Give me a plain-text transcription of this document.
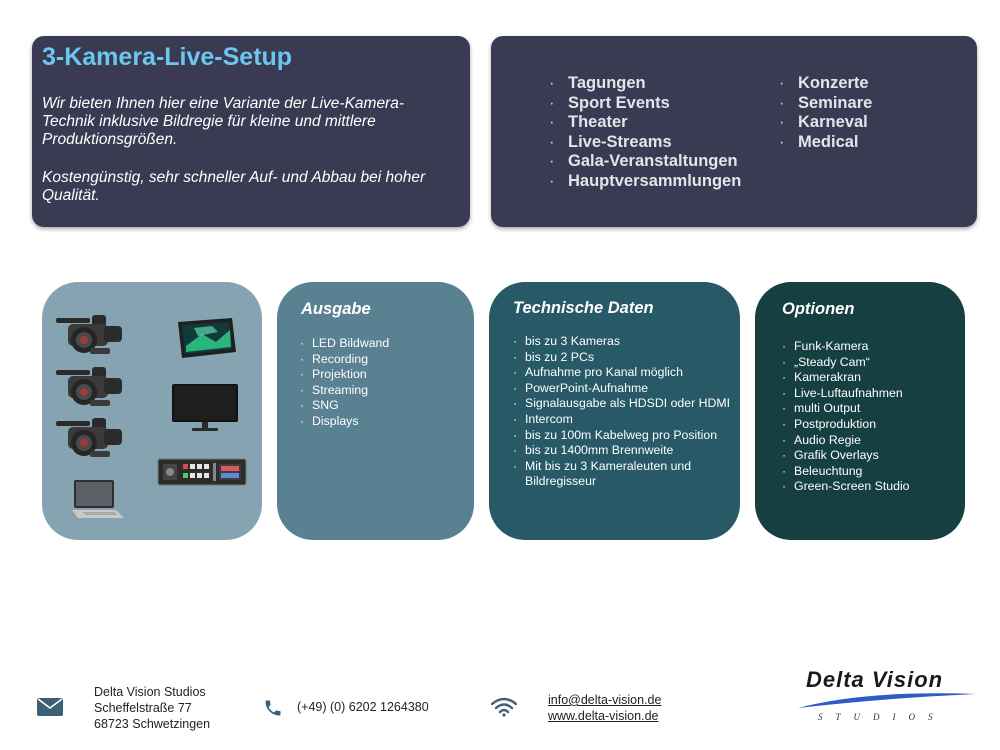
3-Kamera-Live-Setup

Wir bieten Ihnen hier eine Variante der Live-Kamera-Technik inklusive Bildregie für kleine und mittlere Produktionsgrößen.

Kostengünstig, sehr schneller Auf- und Abbau bei hoher Qualität.

· Tagungen
· Sport Events
· Theater
· Live-Streams
· Gala-Veranstaltungen
· Hauptversammlungen
· Konzerte
· Seminare
· Karneval
· Medical
Ausgabe
· LED Bildwand
· Recording
· Projektion
· Streaming
· SNG
· Displays
Technische Daten
· bis zu 3 Kameras
· bis zu 2 PCs
· Aufnahme pro Kanal möglich
· PowerPoint-Aufnahme
· Signalausgabe als HDSDI oder HDMI
· Intercom
· bis zu 100m Kabelweg pro Position
· bis zu 1400mm Brennweite
· Mit bis zu 3 Kameraleuten und Bildregisseur
Optionen
· Funk-Kamera
· „Steady Cam“
· Kamerakran
· Live-Luftaufnahmen
· multi Output
· Postproduktion
· Audio Regie
· Grafik Overlays
· Beleuchtung
· Green-Screen Studio
Delta Vision Studios
Scheffelstraße 77
68723 Schwetzingen
(+49) (0) 6202 1264380	info@delta-vision.de
www.delta-vision.de
Delta Vision
STUDIOS
